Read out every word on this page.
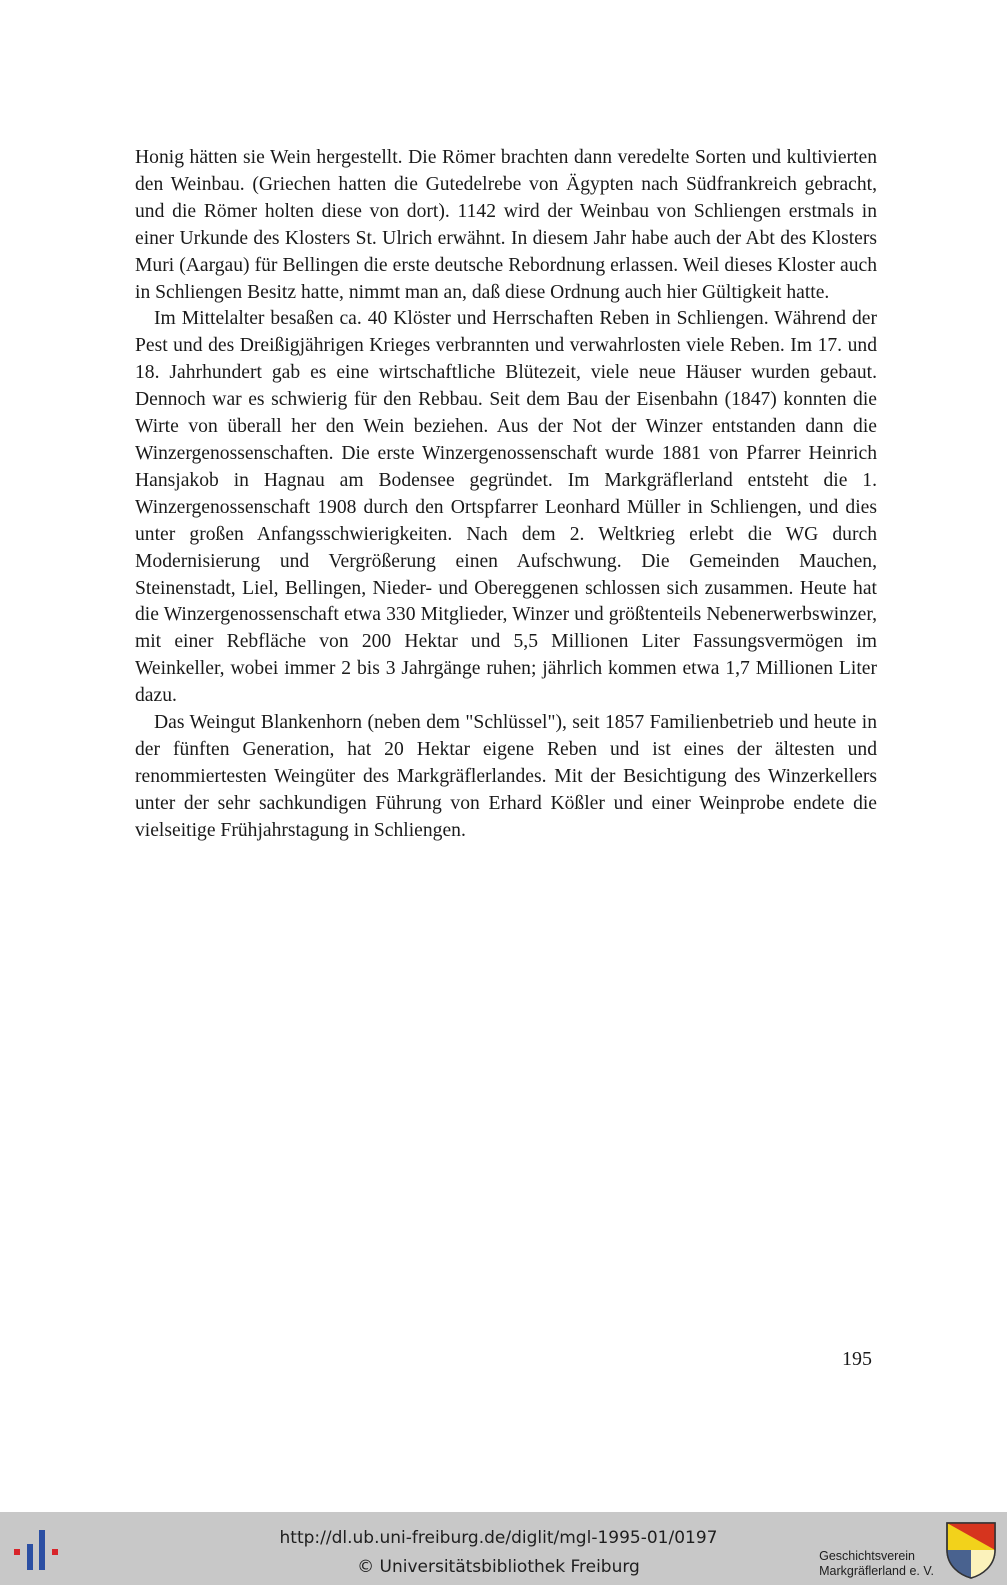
Honig hätten sie Wein hergestellt. Die Römer brachten dann veredelte Sorten und kultivierten den Weinbau. (Griechen hatten die Gutedelrebe von Ägypten nach Südfrankreich gebracht, und die Römer holten diese von dort). 1142 wird der Weinbau von Schliengen erstmals in einer Urkunde des Klosters St. Ulrich erwähnt. In diesem Jahr habe auch der Abt des Klosters Muri (Aargau) für Bellingen die erste deutsche Rebordnung erlassen. Weil dieses Kloster auch in Schliengen Besitz hatte, nimmt man an, daß diese Ordnung auch hier Gültigkeit hatte.

Im Mittelalter besaßen ca. 40 Klöster und Herrschaften Reben in Schliengen. Während der Pest und des Dreißigjährigen Krieges verbrannten und verwahrlosten viele Reben. Im 17. und 18. Jahrhundert gab es eine wirtschaftliche Blütezeit, viele neue Häuser wurden gebaut. Dennoch war es schwierig für den Rebbau. Seit dem Bau der Eisenbahn (1847) konnten die Wirte von überall her den Wein beziehen. Aus der Not der Winzer entstanden dann die Winzergenossenschaften. Die erste Winzergenossenschaft wurde 1881 von Pfarrer Heinrich Hansjakob in Hagnau am Bodensee gegründet. Im Markgräflerland entsteht die 1. Winzergenossenschaft 1908 durch den Ortspfarrer Leonhard Müller in Schliengen, und dies unter großen Anfangsschwierigkeiten. Nach dem 2. Weltkrieg erlebt die WG durch Modernisierung und Vergrößerung einen Aufschwung. Die Gemeinden Mauchen, Steinenstadt, Liel, Bellingen, Nieder- und Obereggenen schlossen sich zusammen. Heute hat die Winzergenossenschaft etwa 330 Mitglieder, Winzer und größtenteils Nebenerwerbswinzer, mit einer Rebfläche von 200 Hektar und 5,5 Millionen Liter Fassungsvermögen im Weinkeller, wobei immer 2 bis 3 Jahrgänge ruhen; jährlich kommen etwa 1,7 Millionen Liter dazu.

Das Weingut Blankenhorn (neben dem "Schlüssel"), seit 1857 Familienbetrieb und heute in der fünften Generation, hat 20 Hektar eigene Reben und ist eines der ältesten und renommiertesten Weingüter des Markgräflerlandes. Mit der Besichtigung des Winzerkellers unter der sehr sachkundigen Führung von Erhard Kößler und einer Weinprobe endete die vielseitige Frühjahrstagung in Schliengen.

195
http://dl.ub.uni-freiburg.de/diglit/mgl-1995-01/0197
© Universitätsbibliothek Freiburg
Geschichtsverein
Markgräflerland e. V.
